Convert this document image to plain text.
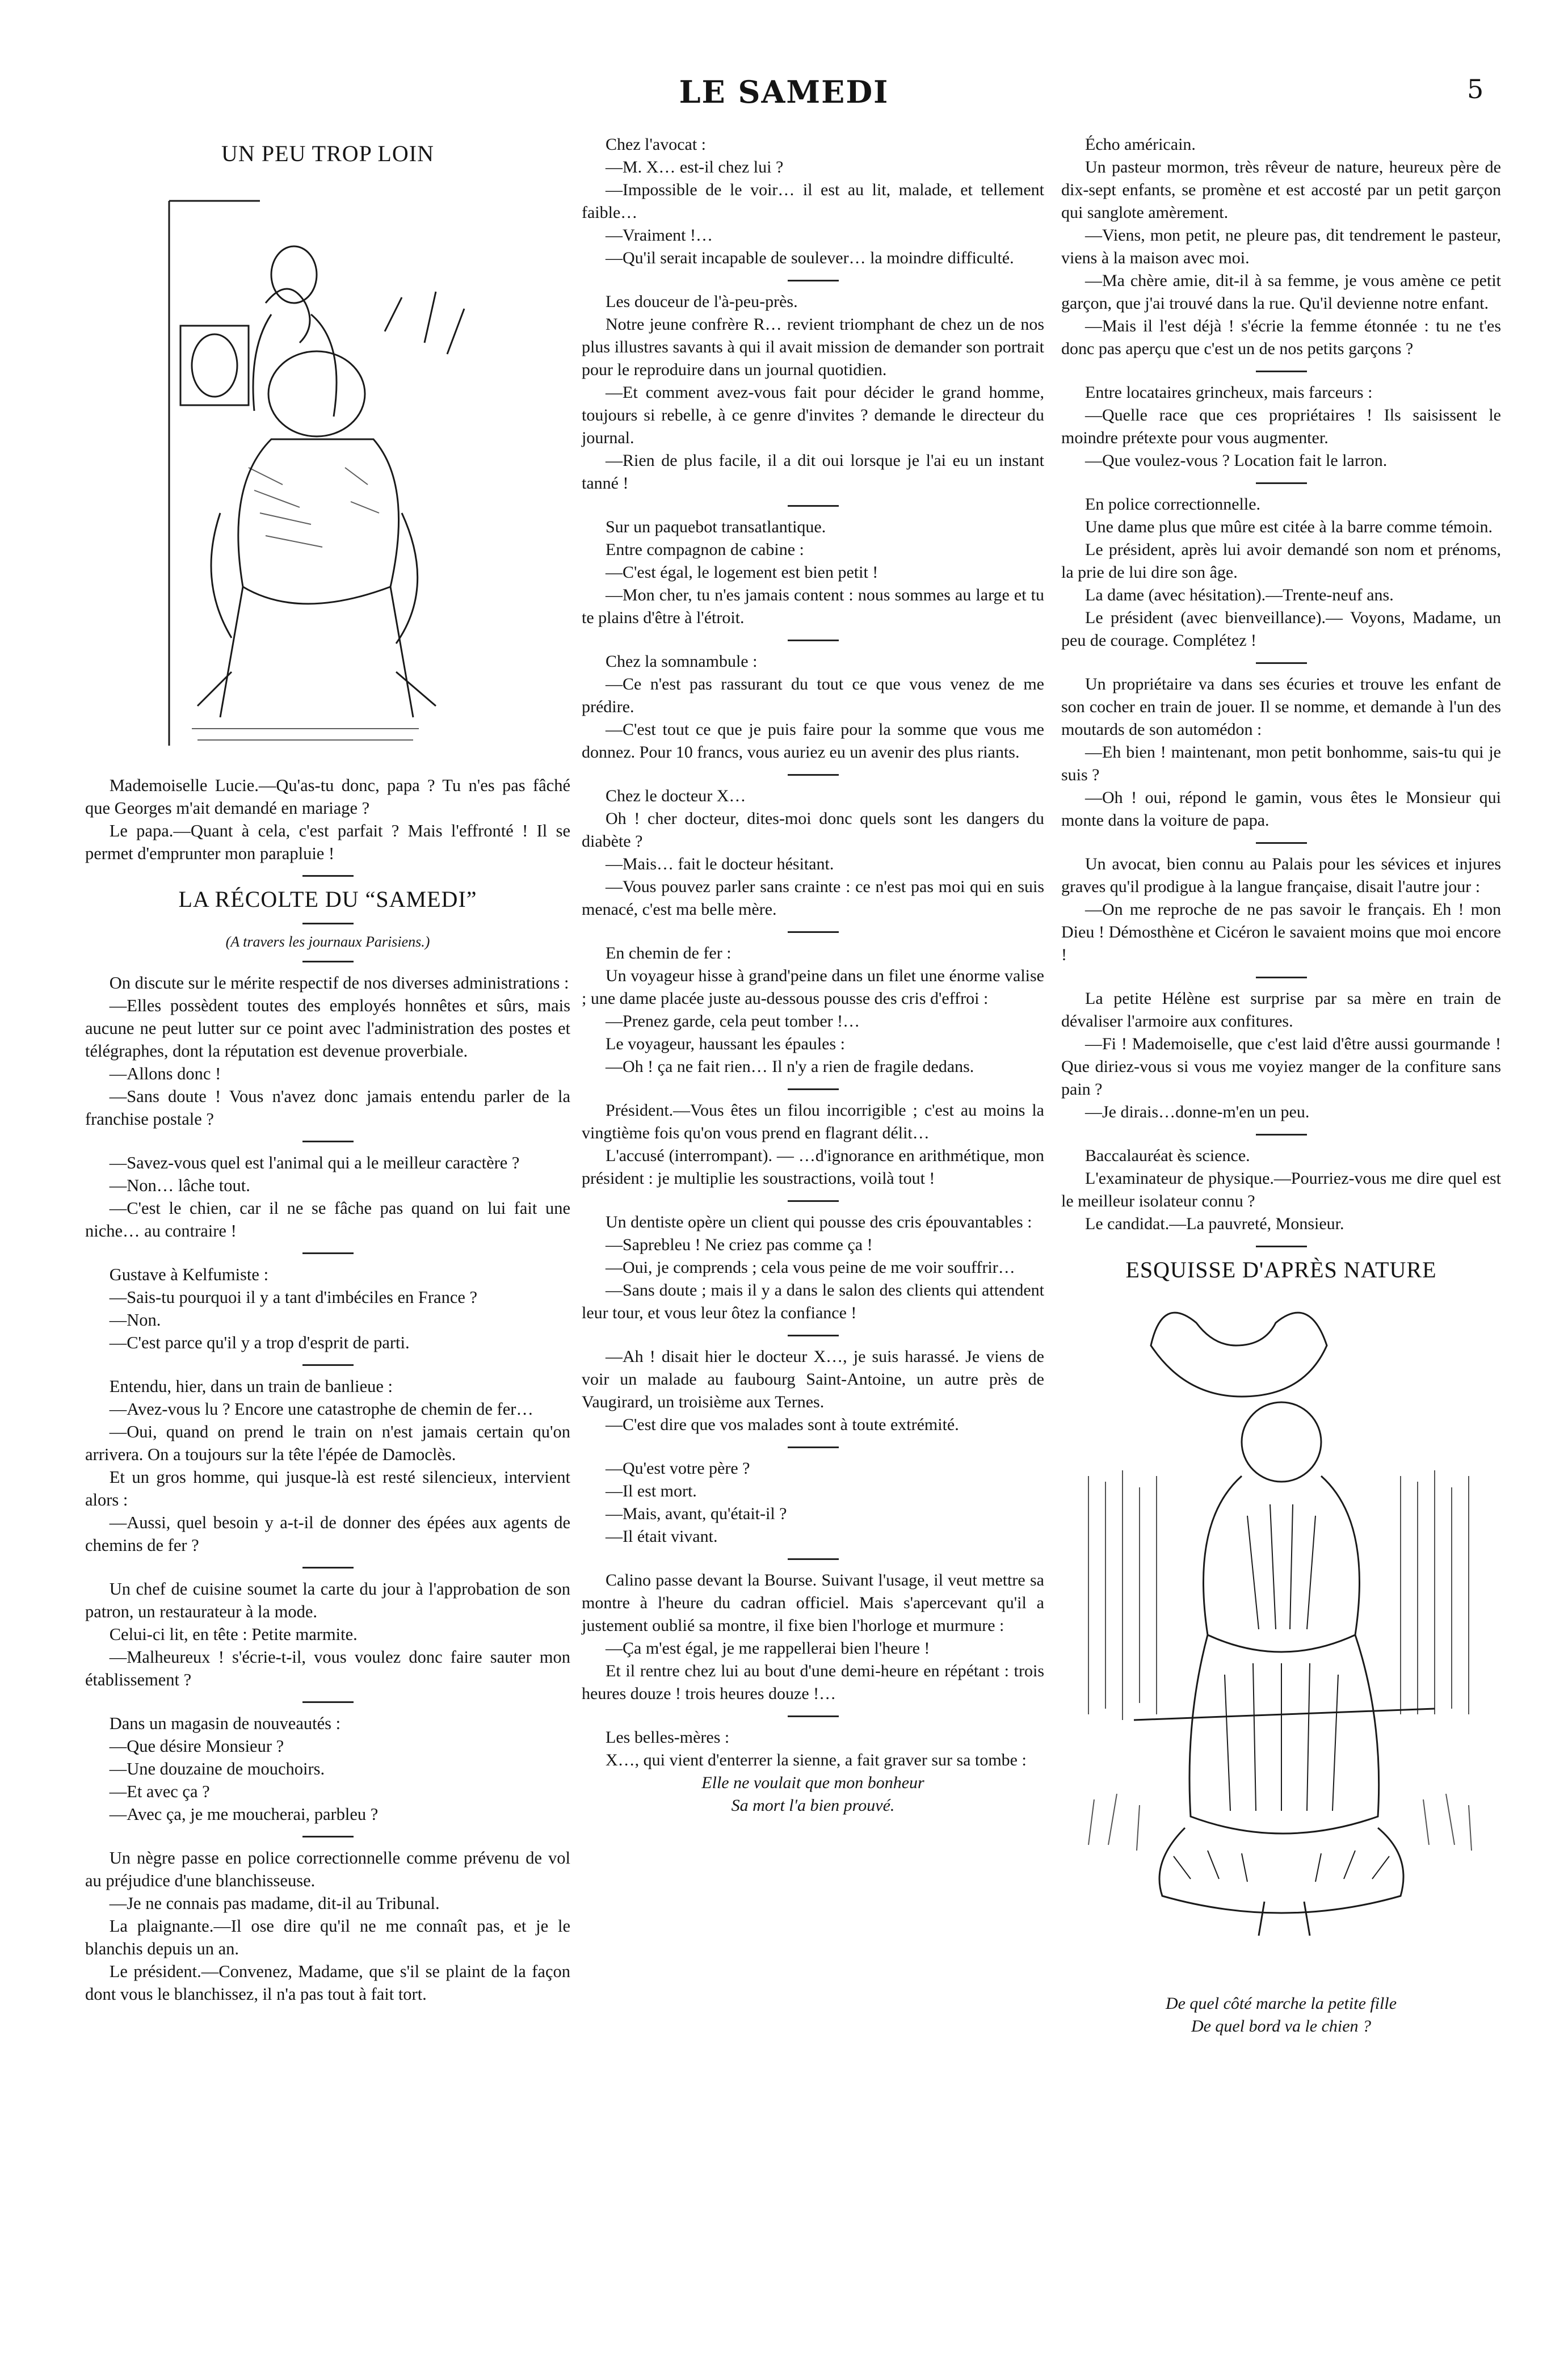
LE SAMEDI	5
UN PEU TROP LOIN

Mademoiselle Lucie.—Qu'as-tu donc, papa ? Tu n'es pas fâché que Georges m'ait demandé en mariage ?

Le papa.—Quant à cela, c'est parfait ? Mais l'effronté ! Il se permet d'emprunter mon parapluie !

LA RÉCOLTE DU “SAMEDI”
(A travers les journaux Parisiens.)

On discute sur le mérite respectif de nos diverses administrations :

—Elles possèdent toutes des employés honnêtes et sûrs, mais aucune ne peut lutter sur ce point avec l'administration des postes et télégraphes, dont la réputation est devenue proverbiale.

—Allons donc !

—Sans doute ! Vous n'avez donc jamais entendu parler de la franchise postale ?

—Savez-vous quel est l'animal qui a le meilleur caractère ?

—Non… lâche tout.

—C'est le chien, car il ne se fâche pas quand on lui fait une niche… au contraire !

Gustave à Kelfumiste :

—Sais-tu pourquoi il y a tant d'imbéciles en France ?

—Non.

—C'est parce qu'il y a trop d'esprit de parti.

Entendu, hier, dans un train de banlieue :

—Avez-vous lu ? Encore une catastrophe de chemin de fer…

—Oui, quand on prend le train on n'est jamais certain qu'on arrivera. On a toujours sur la tête l'épée de Damoclès.

Et un gros homme, qui jusque-là est resté silencieux, intervient alors :

—Aussi, quel besoin y a-t-il de donner des épées aux agents de chemins de fer ?

Un chef de cuisine soumet la carte du jour à l'approbation de son patron, un restaurateur à la mode.

Celui-ci lit, en tête : Petite marmite.

—Malheureux ! s'écrie-t-il, vous voulez donc faire sauter mon établissement ?

Dans un magasin de nouveautés :

—Que désire Monsieur ?

—Une douzaine de mouchoirs.

—Et avec ça ?

—Avec ça, je me moucherai, parbleu ?

Un nègre passe en police correctionnelle comme prévenu de vol au préjudice d'une blanchisseuse.

—Je ne connais pas madame, dit-il au Tribunal.

La plaignante.—Il ose dire qu'il ne me connaît pas, et je le blanchis depuis un an.

Le président.—Convenez, Madame, que s'il se plaint de la façon dont vous le blanchissez, il n'a pas tout à fait tort.

Chez l'avocat :

—M. X… est-il chez lui ?

—Impossible de le voir… il est au lit, malade, et tellement faible…

—Vraiment !…

—Qu'il serait incapable de soulever… la moindre difficulté.

Les douceur de l'à-peu-près.

Notre jeune confrère R… revient triomphant de chez un de nos plus illustres savants à qui il avait mission de demander son portrait pour le reproduire dans un journal quotidien.

—Et comment avez-vous fait pour décider le grand homme, toujours si rebelle, à ce genre d'invites ? demande le directeur du journal.

—Rien de plus facile, il a dit oui lorsque je l'ai eu un instant tanné !

Sur un paquebot transatlantique.

Entre compagnon de cabine :

—C'est égal, le logement est bien petit !

—Mon cher, tu n'es jamais content : nous sommes au large et tu te plains d'être à l'étroit.

Chez la somnambule :

—Ce n'est pas rassurant du tout ce que vous venez de me prédire.

—C'est tout ce que je puis faire pour la somme que vous me donnez. Pour 10 francs, vous auriez eu un avenir des plus riants.

Chez le docteur X…

Oh ! cher docteur, dites-moi donc quels sont les dangers du diabète ?

—Mais… fait le docteur hésitant.

—Vous pouvez parler sans crainte : ce n'est pas moi qui en suis menacé, c'est ma belle mère.

En chemin de fer :

Un voyageur hisse à grand'peine dans un filet une énorme valise ; une dame placée juste au-dessous pousse des cris d'effroi :

—Prenez garde, cela peut tomber !…

Le voyageur, haussant les épaules :

—Oh ! ça ne fait rien… Il n'y a rien de fragile dedans.

Président.—Vous êtes un filou incorrigible ; c'est au moins la vingtième fois qu'on vous prend en flagrant délit…

L'accusé (interrompant). — …d'ignorance en arithmétique, mon président : je multiplie les soustractions, voilà tout !

Un dentiste opère un client qui pousse des cris épouvantables :

—Saprebleu ! Ne criez pas comme ça !

—Oui, je comprends ; cela vous peine de me voir souffrir…

—Sans doute ; mais il y a dans le salon des clients qui attendent leur tour, et vous leur ôtez la confiance !

—Ah ! disait hier le docteur X…, je suis harassé. Je viens de voir un malade au faubourg Saint-Antoine, un autre près de Vaugirard, un troisième aux Ternes.

—C'est dire que vos malades sont à toute extrémité.

—Qu'est votre père ?

—Il est mort.

—Mais, avant, qu'était-il ?

—Il était vivant.

Calino passe devant la Bourse. Suivant l'usage, il veut mettre sa montre à l'heure du cadran officiel. Mais s'apercevant qu'il a justement oublié sa montre, il fixe bien l'horloge et murmure :

—Ça m'est égal, je me rappellerai bien l'heure !

Et il rentre chez lui au bout d'une demi-heure en répétant : trois heures douze ! trois heures douze !…

Les belles-mères :

X…, qui vient d'enterrer la sienne, a fait graver sur sa tombe :

Elle ne voulait que mon bonheur

Sa mort l'a bien prouvé.

Écho américain.

Un pasteur mormon, très rêveur de nature, heureux père de dix-sept enfants, se promène et est accosté par un petit garçon qui sanglote amèrement.

—Viens, mon petit, ne pleure pas, dit tendrement le pasteur, viens à la maison avec moi.

—Ma chère amie, dit-il à sa femme, je vous amène ce petit garçon, que j'ai trouvé dans la rue. Qu'il devienne notre enfant.

—Mais il l'est déjà ! s'écrie la femme étonnée : tu ne t'es donc pas aperçu que c'est un de nos petits garçons ?

Entre locataires grincheux, mais farceurs :

—Quelle race que ces propriétaires ! Ils saisissent le moindre prétexte pour vous augmenter.

—Que voulez-vous ? Location fait le larron.

En police correctionnelle.

Une dame plus que mûre est citée à la barre comme témoin.

Le président, après lui avoir demandé son nom et prénoms, la prie de lui dire son âge.

La dame (avec hésitation).—Trente-neuf ans.

Le président (avec bienveillance).— Voyons, Madame, un peu de courage. Complétez !

Un propriétaire va dans ses écuries et trouve les enfant de son cocher en train de jouer. Il se nomme, et demande à l'un des moutards de son automédon :

—Eh bien ! maintenant, mon petit bonhomme, sais-tu qui je suis ?

—Oh ! oui, répond le gamin, vous êtes le Monsieur qui monte dans la voiture de papa.

Un avocat, bien connu au Palais pour les sévices et injures graves qu'il prodigue à la langue française, disait l'autre jour :

—On me reproche de ne pas savoir le français. Eh ! mon Dieu ! Démosthène et Cicéron le savaient moins que moi encore !

La petite Hélène est surprise par sa mère en train de dévaliser l'armoire aux confitures.

—Fi ! Mademoiselle, que c'est laid d'être aussi gourmande ! Que diriez-vous si vous me voyiez manger de la confiture sans pain ?

—Je dirais…donne-m'en un peu.

Baccalauréat ès science.

L'examinateur de physique.—Pourriez-vous me dire quel est le meilleur isolateur connu ?

Le candidat.—La pauvreté, Monsieur.

ESQUISSE D'APRÈS NATURE

De quel côté marche la petite fille

De quel bord va le chien ?
